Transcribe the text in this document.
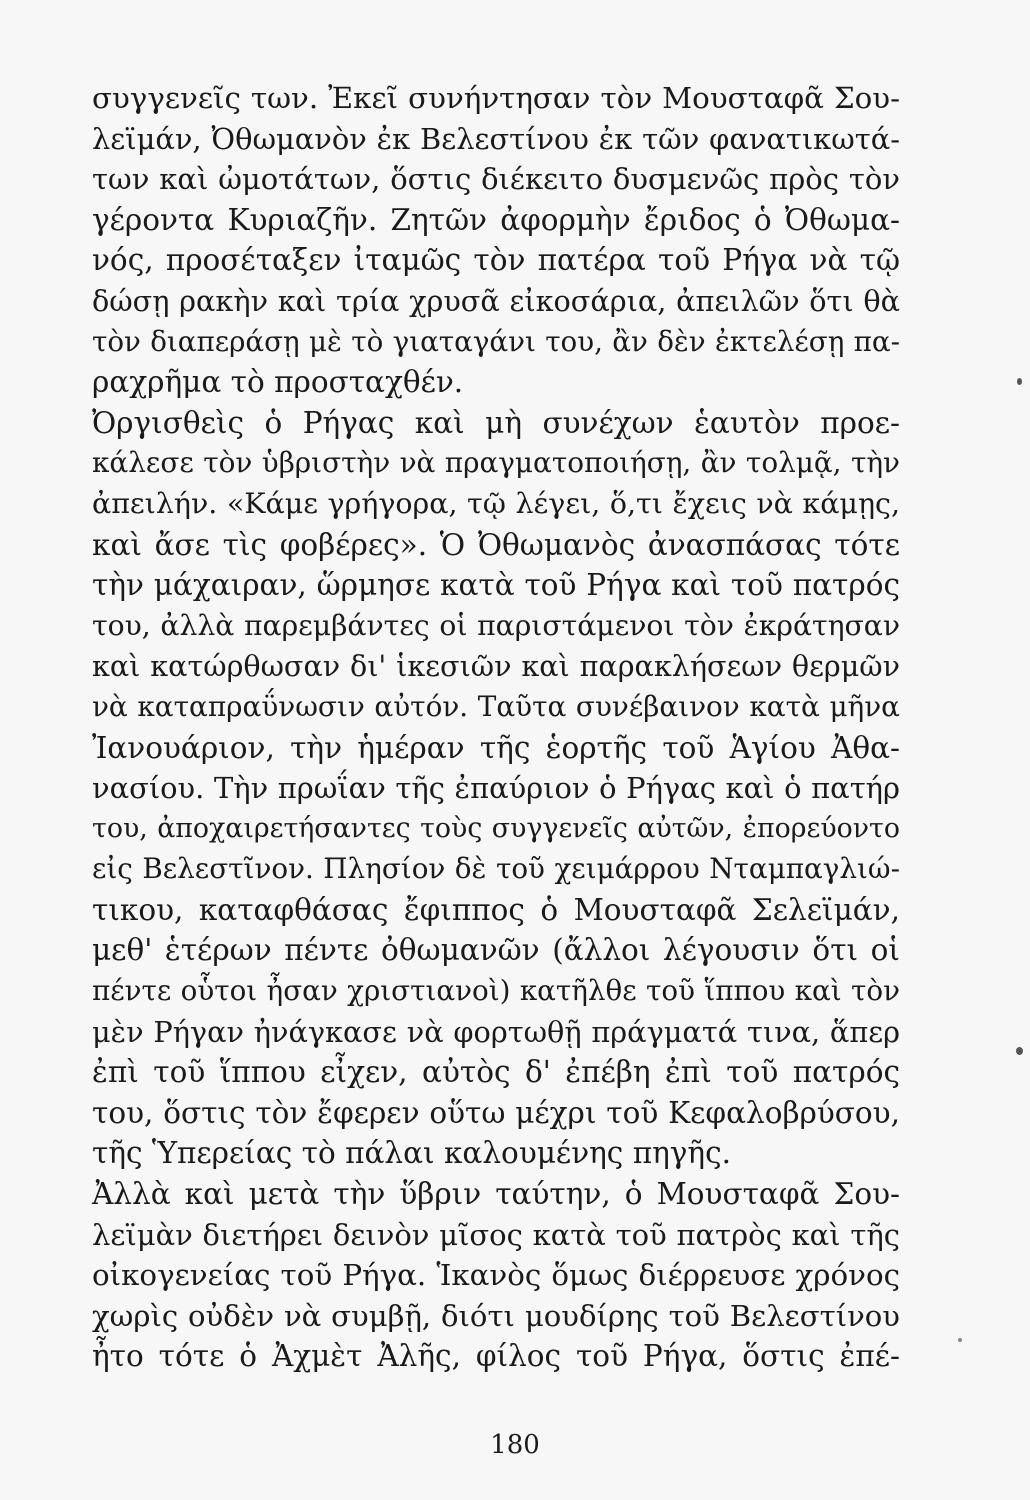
συγγενεῖς των. Ἐκεῖ συνήντησαν τὸν Μουσταφᾶ Σου-
λεϊμάν, Ὀθωμανὸν ἐκ Βελεστίνου ἐκ τῶν φανατικωτά-
των καὶ ὠμοτάτων, ὅστις διέκειτο δυσμενῶς πρὸς τὸν
γέροντα Κυριαζῆν. Ζητῶν ἀφορμὴν ἔριδος ὁ Ὀθωμα-
νός, προσέταξεν ἰταμῶς τὸν πατέρα τοῦ Ρήγα νὰ τῷ
δώσῃ ρακὴν καὶ τρία χρυσᾶ εἰκοσάρια, ἀπειλῶν ὅτι θὰ
τὸν διαπεράσῃ μὲ τὸ γιαταγάνι του, ἂν δὲν ἐκτελέσῃ πα-
ραχρῆμα τὸ προσταχθέν.
Ὀργισθεὶς ὁ Ρήγας καὶ μὴ συνέχων ἑαυτὸν προε-
κάλεσε τὸν ὑβριστὴν νὰ πραγματοποιήσῃ, ἂν τολμᾷ, τὴν
ἀπειλήν. «Κάμε γρήγορα, τῷ λέγει, ὅ,τι ἔχεις νὰ κάμῃς,
καὶ ἄσε τὶς φοβέρες». Ὁ Ὀθωμανὸς ἀνασπάσας τότε
τὴν μάχαιραν, ὥρμησε κατὰ τοῦ Ρήγα καὶ τοῦ πατρός
του, ἀλλὰ παρεμβάντες οἱ παριστάμενοι τὸν ἐκράτησαν
καὶ κατώρθωσαν δι' ἱκεσιῶν καὶ παρακλήσεων θερμῶν
νὰ καταπραΰνωσιν αὐτόν. Ταῦτα συνέβαινον κατὰ μῆνα
Ἰανουάριον, τὴν ἡμέραν τῆς ἑορτῆς τοῦ Ἁγίου Ἀθα-
νασίου. Τὴν πρωΐαν τῆς ἐπαύριον ὁ Ρήγας καὶ ὁ πατήρ
του, ἀποχαιρετήσαντες τοὺς συγγενεῖς αὐτῶν, ἐπορεύοντο
εἰς Βελεστῖνον. Πλησίον δὲ τοῦ χειμάρρου Νταμπαγλιώ-
τικου, καταφθάσας ἔφιππος ὁ Μουσταφᾶ Σελεϊμάν,
μεθ' ἑτέρων πέντε ὀθωμανῶν (ἄλλοι λέγουσιν ὅτι οἱ
πέντε οὗτοι ἦσαν χριστιανοὶ) κατῆλθε τοῦ ἵππου καὶ τὸν
μὲν Ρήγαν ἠνάγκασε νὰ φορτωθῇ πράγματά τινα, ἅπερ
ἐπὶ τοῦ ἵππου εἶχεν, αὐτὸς δ' ἐπέβη ἐπὶ τοῦ πατρός
του, ὅστις τὸν ἔφερεν οὕτω μέχρι τοῦ Κεφαλοβρύσου,
τῆς Ὑπερείας τὸ πάλαι καλουμένης πηγῆς.
Ἀλλὰ καὶ μετὰ τὴν ὕβριν ταύτην, ὁ Μουσταφᾶ Σου-
λεϊμὰν διετήρει δεινὸν μῖσος κατὰ τοῦ πατρὸς καὶ τῆς
οἰκογενείας τοῦ Ρήγα. Ἱκανὸς ὅμως διέρρευσε χρόνος
χωρὶς οὐδὲν νὰ συμβῇ, διότι μουδίρης τοῦ Βελεστίνου
ἦτο τότε ὁ Ἀχμὲτ Ἀλῆς, φίλος τοῦ Ρήγα, ὅστις ἐπέ-
180
